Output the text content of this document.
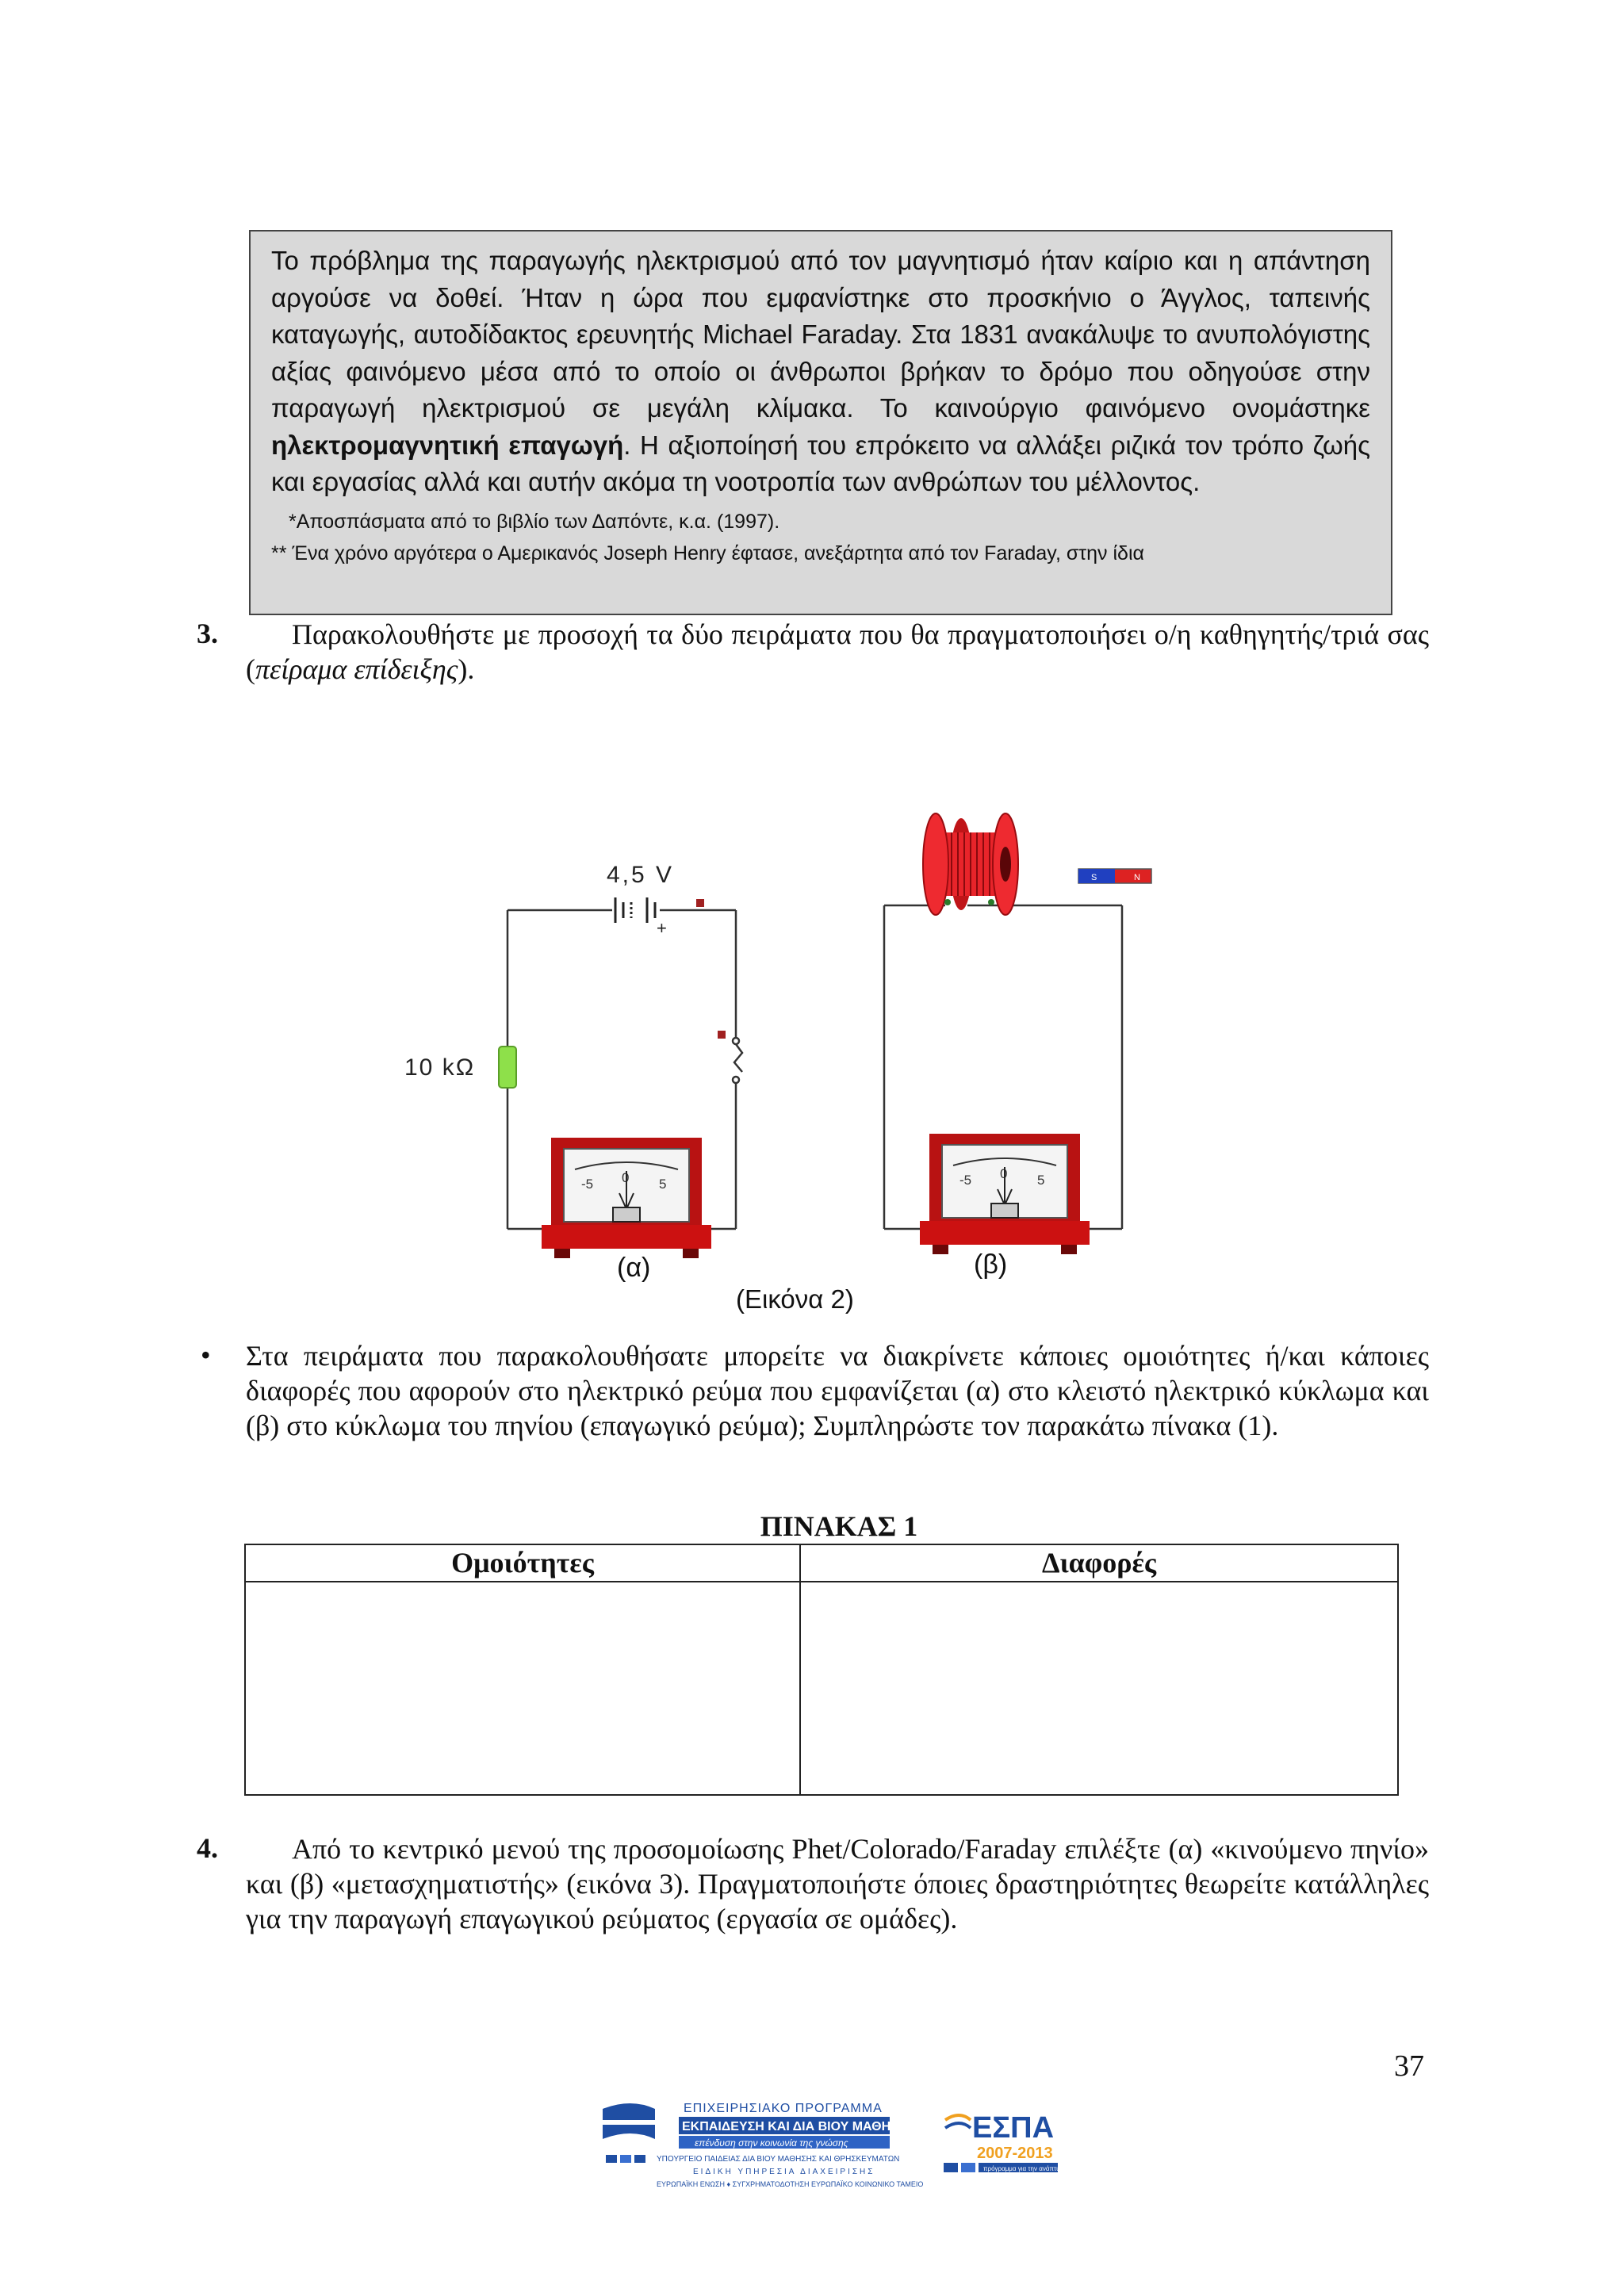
Το πρόβλημα της παραγωγής ηλεκτρισμού από τον μαγνητισμό ήταν καίριο και η απάντηση αργούσε να δοθεί. Ήταν η ώρα που εμφανίστηκε στο προσκήνιο ο Άγγλος, ταπεινής καταγωγής, αυτοδίδακτος ερευνητής Michael Faraday. Στα 1831 ανακάλυψε το ανυπολόγιστης αξίας φαινόμενο μέσα από το οποίο οι άνθρωποι βρήκαν το δρόμο που οδηγούσε στην παραγωγή ηλεκτρισμού σε μεγάλη κλίμακα. Το καινούργιο φαινόμενο ονομάστηκε ηλεκτρομαγνητική επαγωγή. Η αξιοποίησή του επρόκειτο να αλλάξει ριζικά τον τρόπο ζωής και εργασίας αλλά και αυτήν ακόμα τη νοοτροπία των ανθρώπων του μέλλοντος.

*Αποσπάσματα από το βιβλίο των Δαπόντε, κ.α. (1997).
** Ένα χρόνο αργότερα ο Αμερικανός Joseph Henry έφτασε, ανεξάρτητα από τον Faraday, στην ίδια
3.	Παρακολουθήστε με προσοχή τα δύο πειράματα που θα πραγματοποιήσει ο/η καθηγητής/τριά σας (πείραμα επίδειξης).
+
4,5 V
10 kΩ
-5 0 5
S	N
-5 0 5
(α)	(β)
(Εικόνα 2)
• Στα πειράματα που παρακολουθήσατε μπορείτε να διακρίνετε κάποιες ομοιότητες ή/και κάποιες διαφορές που αφορούν στο ηλεκτρικό ρεύμα που εμφανίζεται (α) στο κλειστό ηλεκτρικό κύκλωμα και (β) στο κύκλωμα του πηνίου (επαγωγικό ρεύμα); Συμπληρώστε τον παρακάτω πίνακα (1).
ΠΙΝΑΚΑΣ 1
Ομοιότητες	Διαφορές
4.	Από το κεντρικό μενού της προσομοίωσης Phet/Colorado/Faraday επιλέξτε (α) «κινούμενο πηνίο» και (β) «μετασχηματιστής» (εικόνα 3). Πραγματοποιήστε όποιες δραστηριότητες θεωρείτε κατάλληλες για την παραγωγή επαγωγικού ρεύματος (εργασία σε ομάδες).
37
ΕΠΙΧΕΙΡΗΣΙΑΚΟ ΠΡΟΓΡΑΜΜΑ
ΕΚΠΑΙΔΕΥΣΗ ΚΑΙ ΔΙΑ ΒΙΟΥ ΜΑΘΗΣΗ
επένδυση στην κοινωνία της γνώσης
ΥΠΟΥΡΓΕΙΟ ΠΑΙΔΕΙΑΣ ΔΙΑ ΒΙΟΥ ΜΑΘΗΣΗΣ ΚΑΙ ΘΡΗΣΚΕΥΜΑΤΩΝ
ΕΙΔΙΚΗ ΥΠΗΡΕΣΙΑ ΔΙΑΧΕΙΡΙΣΗΣ
ΕΥΡΩΠΑΪΚΗ ΕΝΩΣΗ ♦ ΣΥΓΧΡΗΜΑΤΟΔΟΤΗΣΗ ΕΥΡΩΠΑΪΚΟ ΚΟΙΝΩΝΙΚΟ ΤΑΜΕΙΟ
ΕΣΠΑ
2007-2013
πρόγραμμα για την ανάπτυξη
